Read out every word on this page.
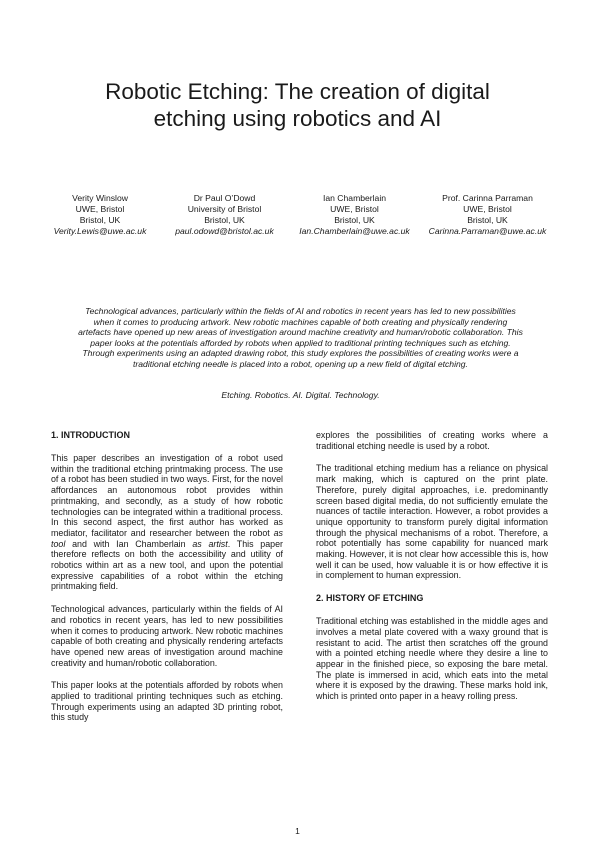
Robotic Etching: The creation of digital
etching using robotics and AI
Verity Winslow
UWE, Bristol
Bristol, UK
Verity.Lewis@uwe.ac.uk
Dr Paul O’Dowd
University of Bristol
Bristol, UK
paul.odowd@bristol.ac.uk
Ian Chamberlain
UWE, Bristol
Bristol, UK
Ian.Chamberlain@uwe.ac.uk
Prof. Carinna Parraman
UWE, Bristol
Bristol, UK
Carinna.Parraman@uwe.ac.uk

Technological advances, particularly within the fields of AI and robotics in recent years has led to new possibilities when it comes to producing artwork. New robotic machines capable of both creating and physically rendering artefacts have opened up new areas of investigation around machine creativity and human/robotic collaboration. This paper looks at the potentials afforded by robots when applied to traditional printing techniques such as etching. Through experiments using an adapted drawing robot, this study explores the possibilities of creating works were a traditional etching needle is placed into a robot, opening up a new field of digital etching.

Etching. Robotics. AI. Digital. Technology.

1. INTRODUCTION

This paper describes an investigation of a robot used within the traditional etching printmaking process. The use of a robot has been studied in two ways. First, for the novel affordances an autonomous robot provides within printmaking, and secondly, as a study of how robotic technologies can be integrated within a traditional process. In this second aspect, the first author has worked as mediator, facilitator and researcher between the robot as tool and with Ian Chamberlain as artist. This paper therefore reflects on both the accessibility and utility of robotics within art as a new tool, and upon the potential expressive capabilities of a robot within the etching printmaking field.

Technological advances, particularly within the fields of AI and robotics in recent years, has led to new possibilities when it comes to producing artwork. New robotic machines capable of both creating and physically rendering artefacts have opened new areas of investigation around machine creativity and human/robotic collaboration.

This paper looks at the potentials afforded by robots when applied to traditional printing techniques such as etching. Through experiments using an adapted 3D printing robot, this study

explores the possibilities of creating works where a traditional etching needle is used by a robot.

The traditional etching medium has a reliance on physical mark making, which is captured on the print plate. Therefore, purely digital approaches, i.e. predominantly screen based digital media, do not sufficiently emulate the nuances of tactile interaction. However, a robot provides a unique opportunity to transform purely digital information through the physical mechanisms of a robot. Therefore, a robot potentially has some capability for nuanced mark making. However, it is not clear how accessible this is, how well it can be used, how valuable it is or how effective it is in complement to human expression.

2. HISTORY OF ETCHING

Traditional etching was established in the middle ages and involves a metal plate covered with a waxy ground that is resistant to acid. The artist then scratches off the ground with a pointed etching needle where they desire a line to appear in the finished piece, so exposing the bare metal. The plate is immersed in acid, which eats into the metal where it is exposed by the drawing. These marks hold ink, which is printed onto paper in a heavy rolling press.

1
